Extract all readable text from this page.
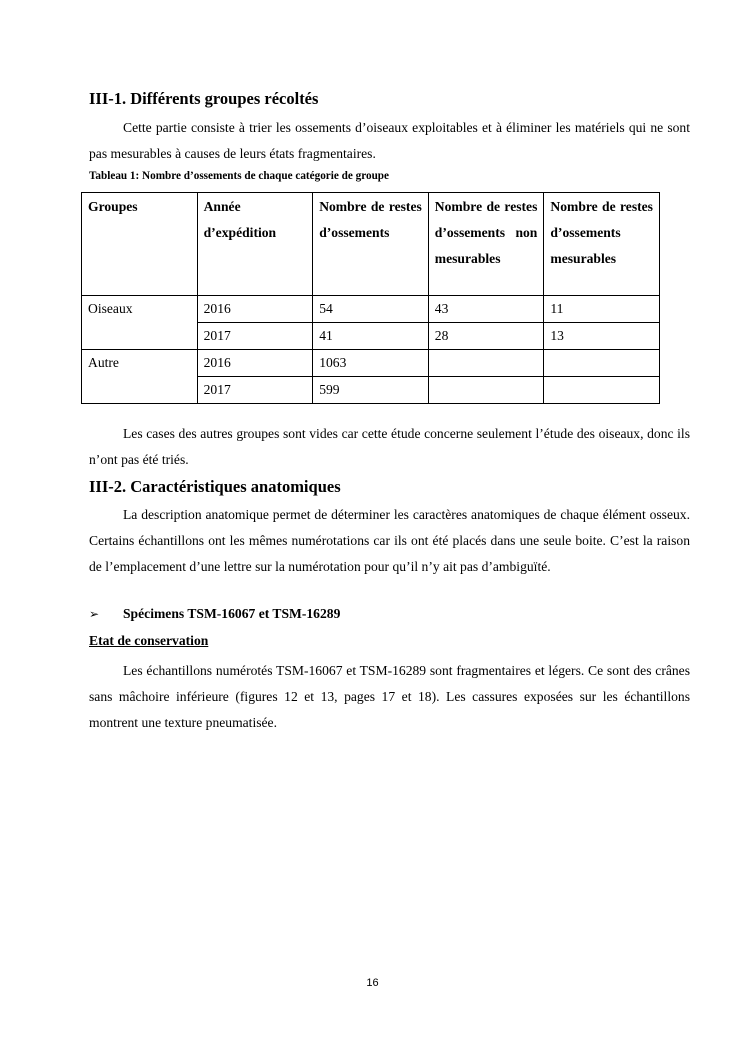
III-1. Différents groupes récoltés

Cette partie consiste à trier les ossements d’oiseaux exploitables et à éliminer les matériels qui ne sont pas mesurables à causes de leurs états fragmentaires.

Tableau 1: Nombre d’ossements de chaque catégorie de groupe

Groupes	Année d’expédition	Nombre de restes d’ossements	Nombre de restes d’ossements non mesurables	Nombre de restes d’ossements mesurables

Oiseaux	2016	54	43	11
	2017	41	28	13
Autre	2016	1063		
	2017	599		

Les cases des autres groupes sont vides car cette étude concerne seulement l’étude des oiseaux, donc ils n’ont pas été triés.

III-2. Caractéristiques anatomiques

La description anatomique permet de déterminer les caractères anatomiques de chaque élément osseux. Certains échantillons ont les mêmes numérotations car ils ont été placés dans une seule boite. C’est la raison de l’emplacement d’une lettre sur la numérotation pour qu’il n’y ait pas d’ambiguïté.

➢ Spécimens TSM-16067 et TSM-16289

Etat de conservation

Les échantillons numérotés TSM-16067 et TSM-16289 sont fragmentaires et légers. Ce sont des crânes sans mâchoire inférieure (figures 12 et 13, pages 17 et 18). Les cassures exposées sur les échantillons montrent une texture pneumatisée.

16
